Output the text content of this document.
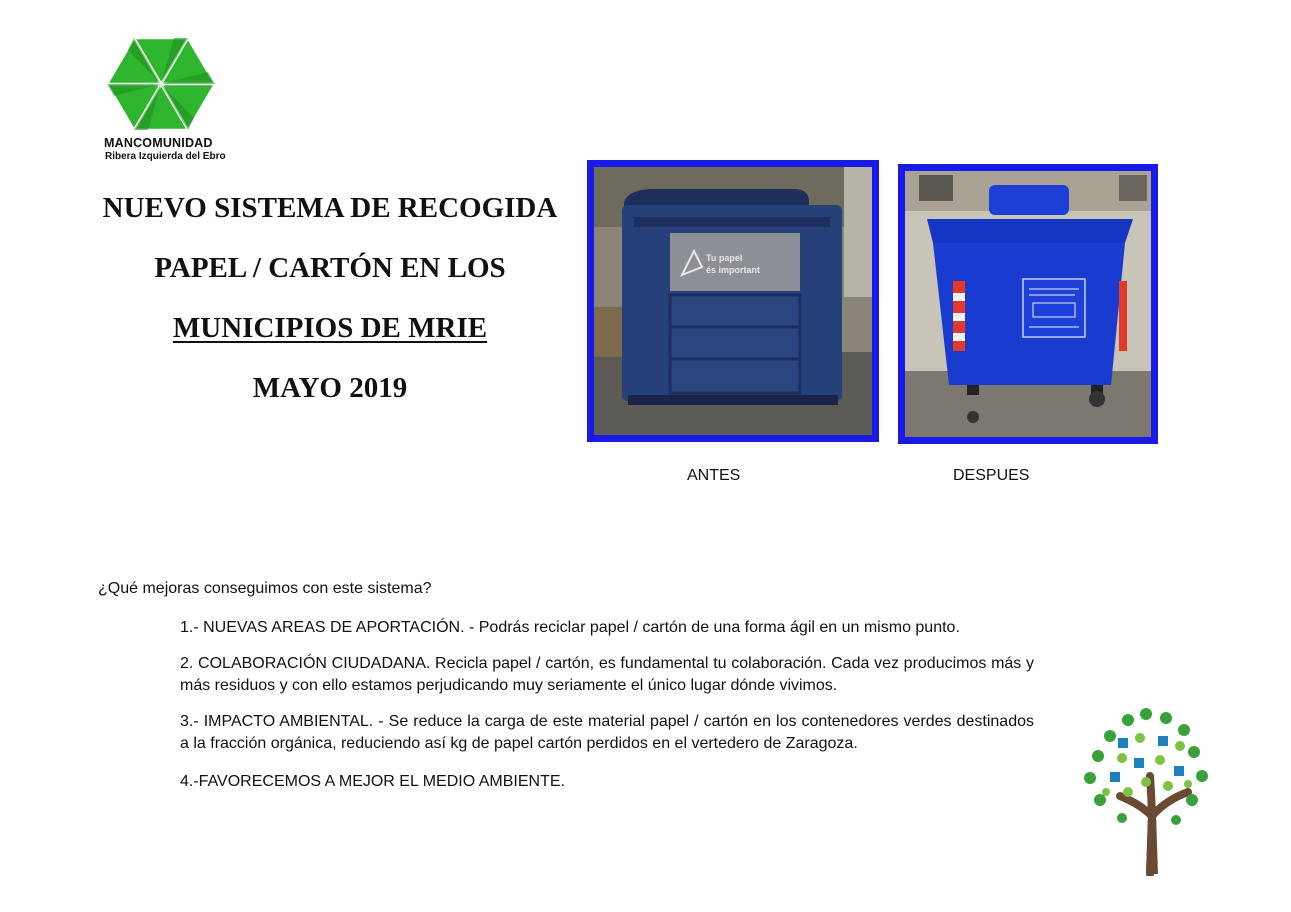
MANCOMUNIDAD
Ribera Izquierda del Ebro
NUEVO SISTEMA DE RECOGIDA
PAPEL / CARTÓN EN LOS
MUNICIPIOS DE MRIE
MAYO 2019
Tu papel
és important
ANTES	DESPUES
¿Qué mejoras conseguimos con este sistema?

1.- NUEVAS AREAS DE APORTACIÓN. - Podrás reciclar papel / cartón de una forma ágil en un mismo punto.

2. COLABORACIÓN CIUDADANA. Recicla papel / cartón, es fundamental tu colaboración. Cada vez producimos más y más residuos y con ello estamos perjudicando muy seriamente el único lugar dónde vivimos.

3.- IMPACTO AMBIENTAL. - Se reduce la carga de este material papel / cartón en los contenedores verdes destinados a la fracción orgánica, reduciendo así kg de papel cartón perdidos en el vertedero de Zaragoza.

4.-FAVORECEMOS A MEJOR EL MEDIO AMBIENTE.
